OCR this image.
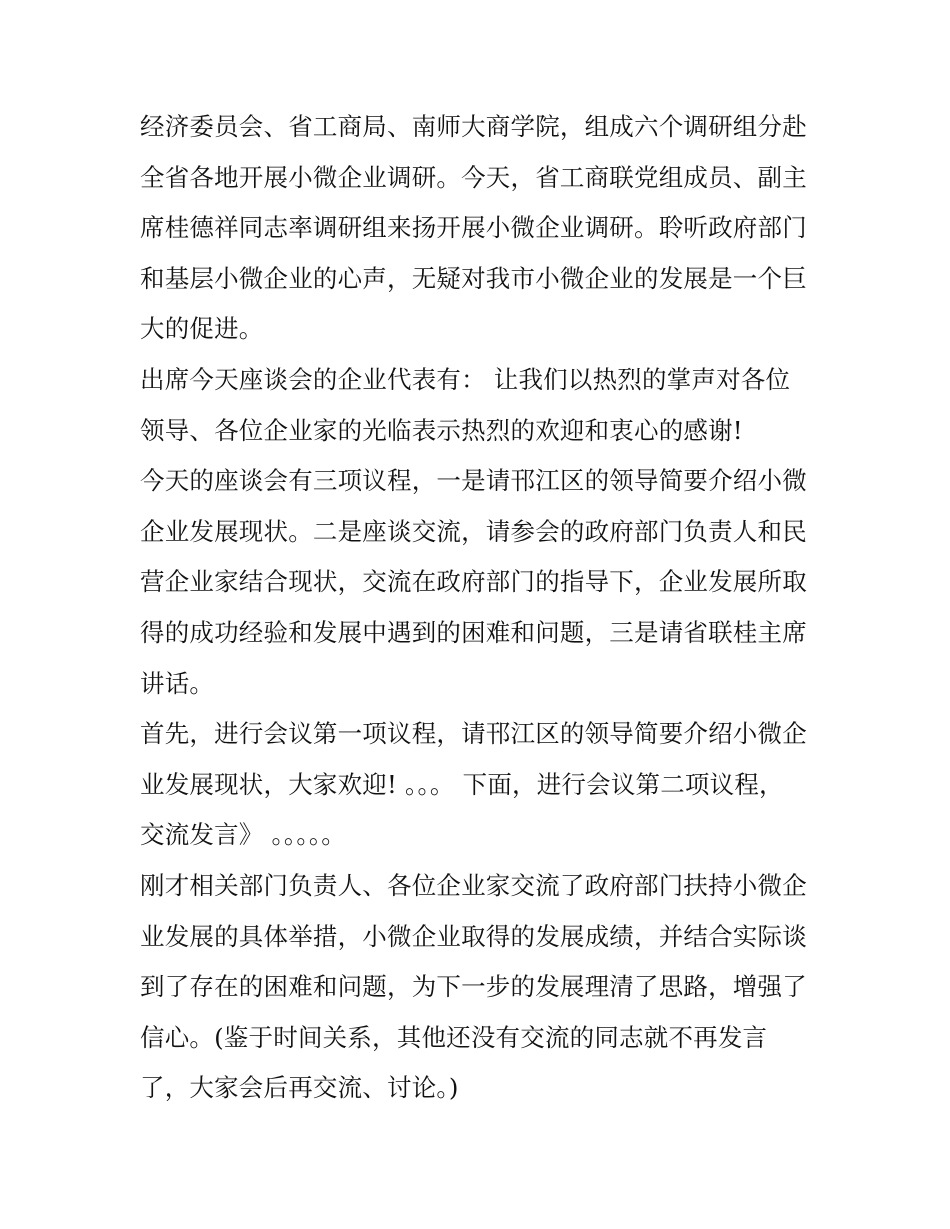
经济委员会、省工商局、南师大商学院，组成六个调研组分赴
全省各地开展小微企业调研。今天，省工商联党组成员、副主
席桂德祥同志率调研组来扬开展小微企业调研。聆听政府部门
和基层小微企业的心声，无疑对我市小微企业的发展是一个巨
大的促进。
出席今天座谈会的企业代表有： 让我们以热烈的掌声对各位
领导、各位企业家的光临表示热烈的欢迎和衷心的感谢!
今天的座谈会有三项议程，一是请邗江区的领导简要介绍小微
企业发展现状。二是座谈交流，请参会的政府部门负责人和民
营企业家结合现状，交流在政府部门的指导下，企业发展所取
得的成功经验和发展中遇到的困难和问题，三是请省联桂主席
讲话。
首先，进行会议第一项议程，请邗江区的领导简要介绍小微企
业发展现状，大家欢迎! 。。。 下面，进行会议第二项议程，
交流发言》 。。。。。
刚才相关部门负责人、各位企业家交流了政府部门扶持小微企
业发展的具体举措，小微企业取得的发展成绩，并结合实际谈
到了存在的困难和问题，为下一步的发展理清了思路，增强了
信心。(鉴于时间关系，其他还没有交流的同志就不再发言
了，大家会后再交流、讨论。)
